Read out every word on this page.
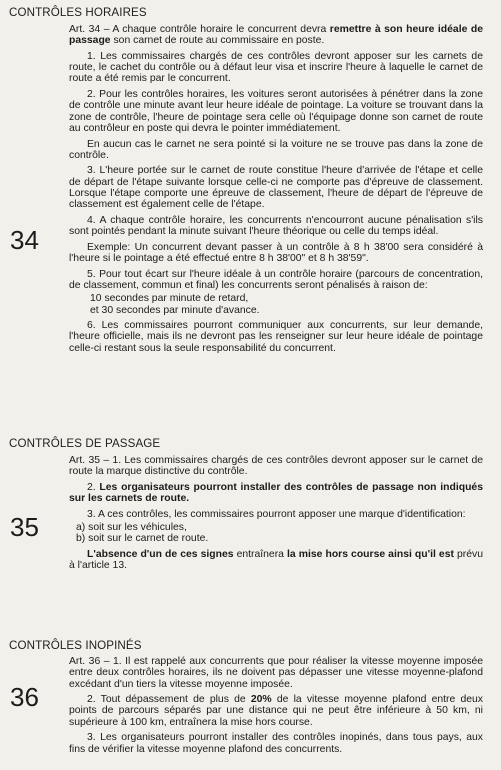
CONTRÔLES HORAIRES
34

Art. 34 – A chaque contrôle horaire le concurrent devra remettre à son heure idéale de passage son carnet de route au commissaire en poste.

1. Les commissaires chargés de ces contrôles devront apposer sur les carnets de route, le cachet du contrôle ou à défaut leur visa et inscrire l'heure à laquelle le carnet de route a été remis par le concurrent.

2. Pour les contrôles horaires, les voitures seront autorisées à pénétrer dans la zone de contrôle une minute avant leur heure idéale de pointage. La voiture se trouvant dans la zone de contrôle, l'heure de pointage sera celle où l'équipage donne son carnet de route au contrôleur en poste qui devra le pointer immédiatement.

En aucun cas le carnet ne sera pointé si la voiture ne se trouve pas dans la zone de contrôle.

3. L'heure portée sur le carnet de route constitue l'heure d'arrivée de l'étape et celle de départ de l'étape suivante lorsque celle-ci ne comporte pas d'épreuve de classement. Lorsque l'étape comporte une épreuve de classement, l'heure de départ de l'épreuve de classement est également celle de l'étape.

4. A chaque contrôle horaire, les concurrents n'encourront aucune pénalisation s'ils sont pointés pendant la minute suivant l'heure théorique ou celle du temps idéal.

Exemple: Un concurrent devant passer à un contrôle à 8 h 38'00 sera considéré à l'heure si le pointage a été effectué entre 8 h 38'00" et 8 h 38'59".

5. Pour tout écart sur l'heure idéale à un contrôle horaire (parcours de concentration, de classement, commun et final) les concurrents seront pénalisés à raison de:

10 secondes par minute de retard,
et 30 secondes par minute d'avance.

6. Les commissaires pourront communiquer aux concurrents, sur leur demande, l'heure officielle, mais ils ne devront pas les renseigner sur leur heure idéale de pointage celle-ci restant sous la seule responsabilité du concurrent.

CONTRÔLES DE PASSAGE
35

Art. 35 – 1. Les commissaires chargés de ces contrôles devront apposer sur le carnet de route la marque distinctive du contrôle.

2. Les organisateurs pourront installer des contrôles de passage non indiqués sur les carnets de route.

3. A ces contrôles, les commissaires pourront apposer une marque d'identification:

a) soit sur les véhicules,
b) soit sur le carnet de route.

L'absence d'un de ces signes entraînera la mise hors course ainsi qu'il est prévu à l'article 13.

CONTRÔLES INOPINÉS
36

Art. 36 – 1. Il est rappelé aux concurrents que pour réaliser la vitesse moyenne imposée entre deux contrôles horaires, ils ne doivent pas dépasser une vitesse moyenne-plafond excédant d'un tiers la vitesse moyenne imposée.

2. Tout dépassement de plus de 20% de la vitesse moyenne plafond entre deux points de parcours séparés par une distance qui ne peut être inférieure à 50 km, ni supérieure à 100 km, entraînera la mise hors course.

3. Les organisateurs pourront installer des contrôles inopinés, dans tous pays, aux fins de vérifier la vitesse moyenne plafond des concurrents.
